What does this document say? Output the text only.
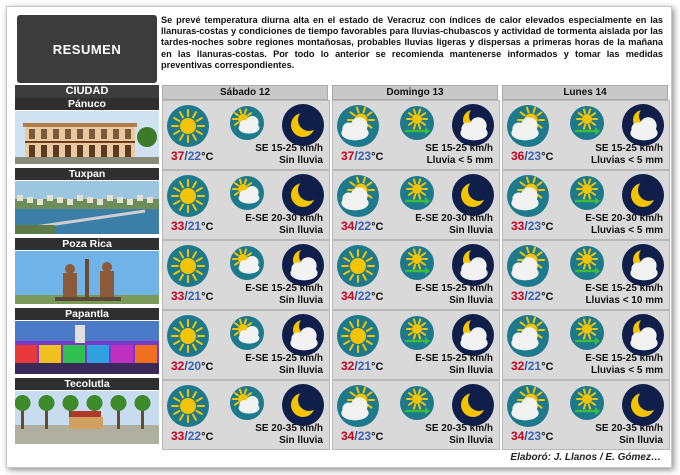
RESUMEN
Se prevé temperatura diurna alta en el estado de Veracruz con índices de calor elevados especialmente en las llanuras-costas y condiciones de tiempo favorables para lluvias-chubascos y actividad de tormenta aislada por las tardes-noches sobre regiones montañosas, probables lluvias ligeras y dispersas a primeras horas de la mañana en las llanuras-costas. Por todo lo anterior se recomienda mantenerse informados y tomar las medidas preventivas correspondientes.
CIUDAD
Pánuco
Tuxpan
Poza Rica
Papantla
Tecolutla
Sábado 12	Domingo 13	Lunes 14
37/22°C
SE 15-25 km/h
Sin lluvia 37/23°C
SE 15-25 km/h
Lluvia < 5 mm 36/23°C
SE 15-25 km/h
Lluvias < 5 mm
33/21°C
E-SE 20-30 km/h
Sin lluvia 34/22°C
E-SE 20-30 km/h
Sin lluvia 33/23°C
E-SE 20-30 km/h
Lluvias < 5 mm
33/21°C
E-SE 15-25 km/h
Sin lluvia 34/22°C
E-SE 15-25 km/h
Sin lluvia 33/22°C
E-SE 15-25 km/h
Lluvias < 10 mm
32/20°C
E-SE 15-25 km/h
Sin lluvia 32/21°C
E-SE 15-25 km/h
Sin lluvia 32/21°C
E-SE 15-25 km/h
Lluvias < 5 mm
33/22°C
SE 20-35 km/h
Sin lluvia 34/23°C
SE 20-35 km/h
Sin lluvia 34/23°C
SE 20-35 km/h
Sin lluvia
Elaboró: J. Llanos / E. Gómez…
